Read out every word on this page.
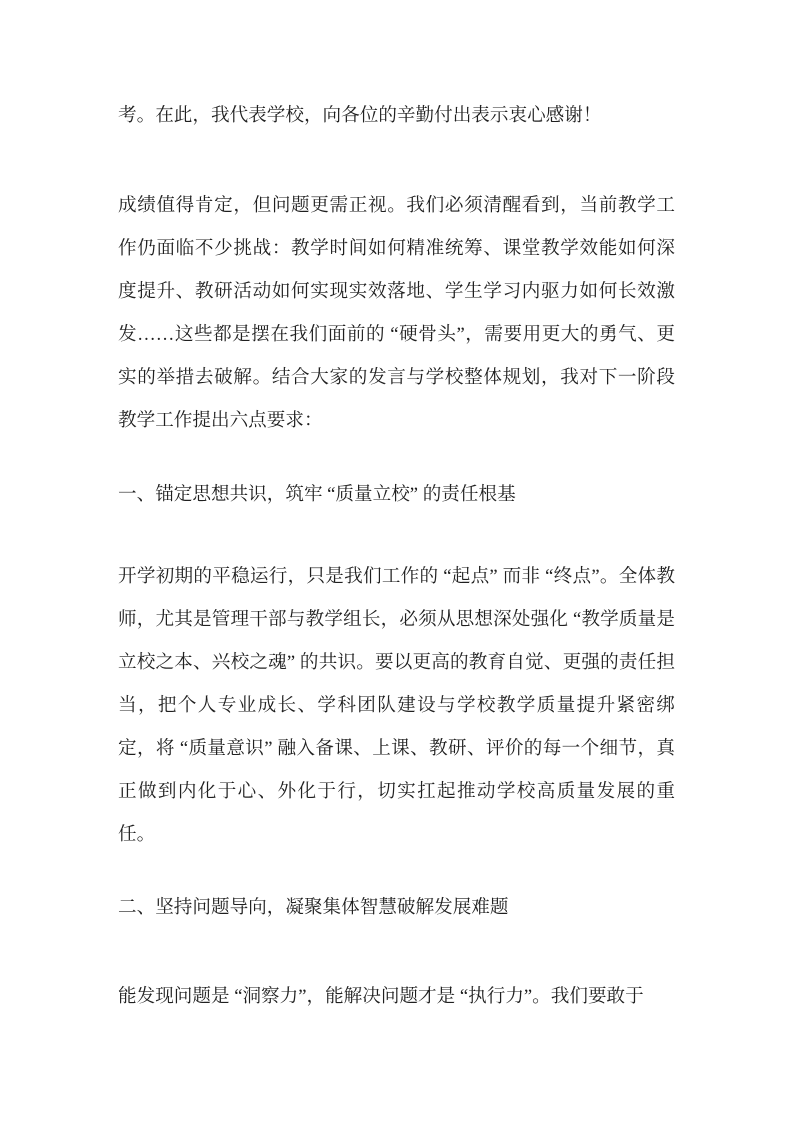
考。在此，我代表学校，向各位的辛勤付出表示衷心感谢！

成绩值得肯定，但问题更需正视。我们必须清醒看到，当前教学工作仍面临不少挑战：教学时间如何精准统筹、课堂教学效能如何深度提升、教研活动如何实现实效落地、学生学习内驱力如何长效激发……这些都是摆在我们面前的 “硬骨头”，需要用更大的勇气、更实的举措去破解。结合大家的发言与学校整体规划，我对下一阶段教学工作提出六点要求：

一、锚定思想共识，筑牢 “质量立校” 的责任根基

开学初期的平稳运行，只是我们工作的 “起点” 而非 “终点”。全体教师，尤其是管理干部与教学组长，必须从思想深处强化 “教学质量是立校之本、兴校之魂” 的共识。要以更高的教育自觉、更强的责任担当，把个人专业成长、学科团队建设与学校教学质量提升紧密绑定，将 “质量意识” 融入备课、上课、教研、评价的每一个细节，真正做到内化于心、外化于行，切实扛起推动学校高质量发展的重任。

二、坚持问题导向，凝聚集体智慧破解发展难题

能发现问题是 “洞察力”，能解决问题才是 “执行力”。我们要敢于
